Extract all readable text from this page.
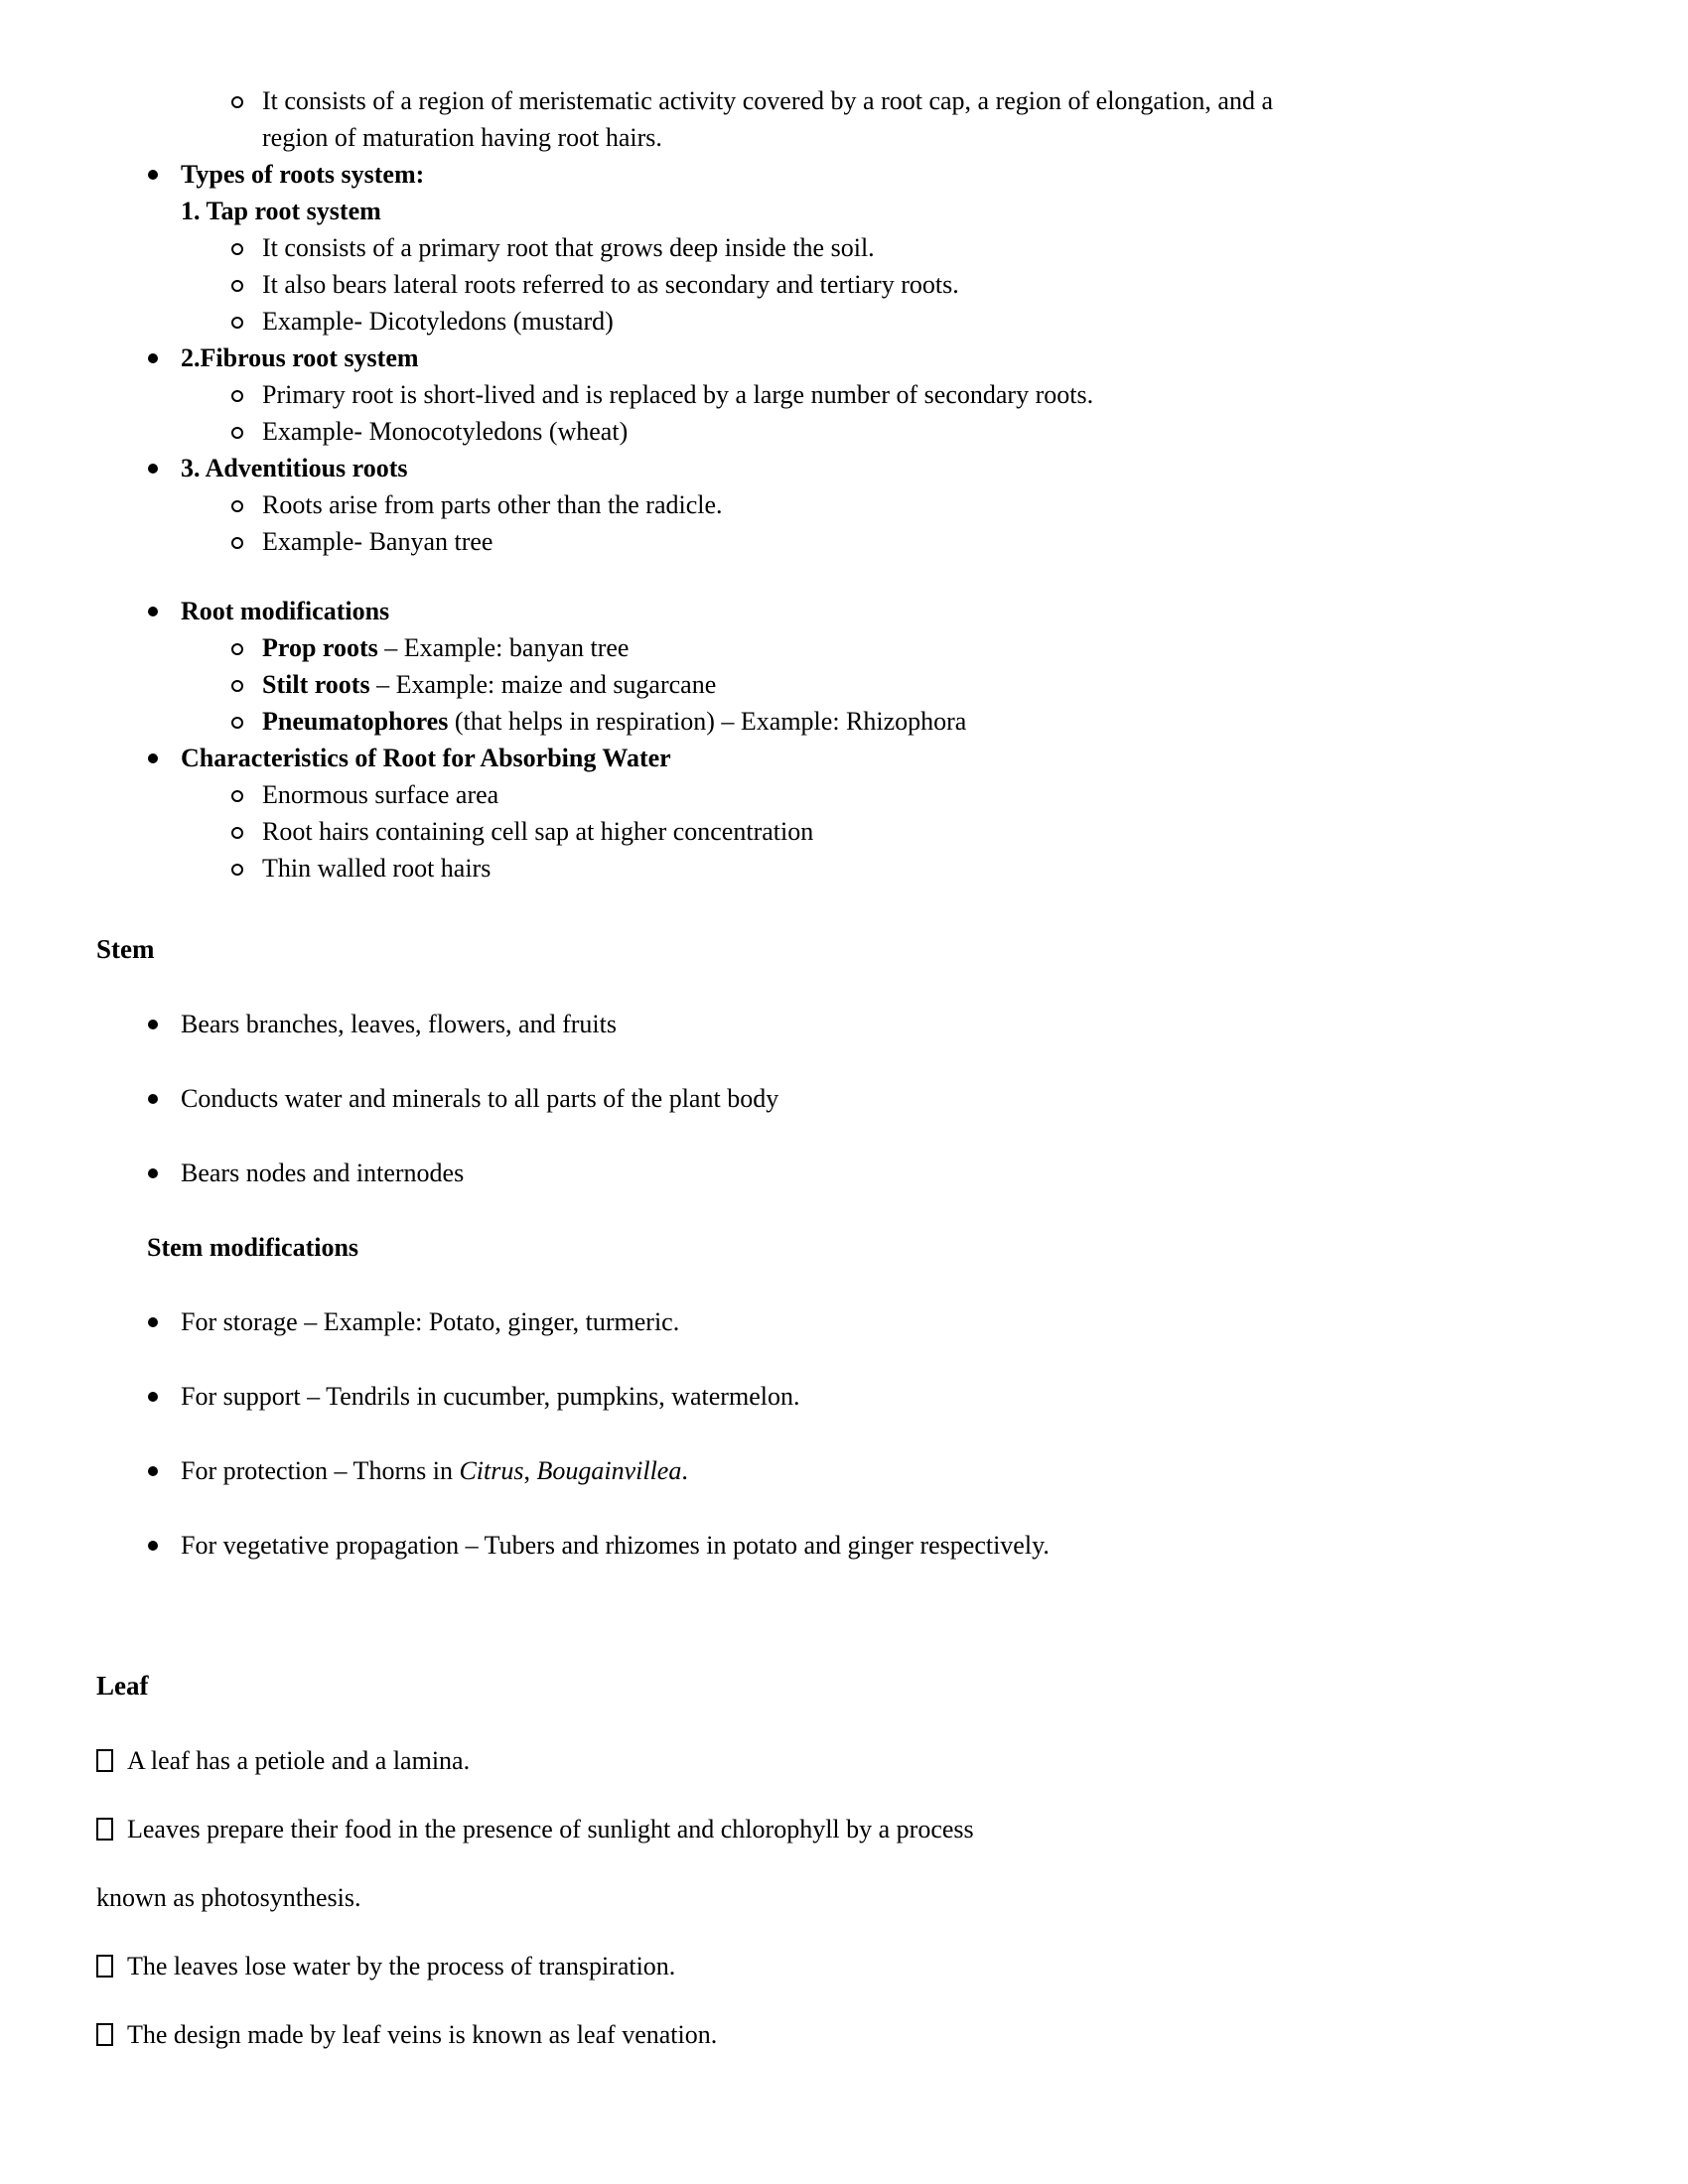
It consists of a region of meristematic activity covered by a root cap, a region of elongation, and a
region of maturation having root hairs.
Types of roots system:
1. Tap root system
It consists of a primary root that grows deep inside the soil.
It also bears lateral roots referred to as secondary and tertiary roots.
Example- Dicotyledons (mustard)
2.Fibrous root system
Primary root is short-lived and is replaced by a large number of secondary roots.
Example- Monocotyledons (wheat)
3. Adventitious roots
Roots arise from parts other than the radicle.
Example- Banyan tree
Root modifications
Prop roots – Example: banyan tree
Stilt roots – Example: maize and sugarcane
Pneumatophores (that helps in respiration) – Example: Rhizophora
Characteristics of Root for Absorbing Water
Enormous surface area
Root hairs containing cell sap at higher concentration
Thin walled root hairs
Stem
Bears branches, leaves, flowers, and fruits
Conducts water and minerals to all parts of the plant body
Bears nodes and internodes
Stem modifications
For storage – Example: Potato, ginger, turmeric.
For support – Tendrils in cucumber, pumpkins, watermelon.
For protection – Thorns in Citrus, Bougainvillea.
For vegetative propagation – Tubers and rhizomes in potato and ginger respectively.
Leaf
A leaf has a petiole and a lamina.
Leaves prepare their food in the presence of sunlight and chlorophyll by a process
known as photosynthesis.
The leaves lose water by the process of transpiration.
The design made by leaf veins is known as leaf venation.
